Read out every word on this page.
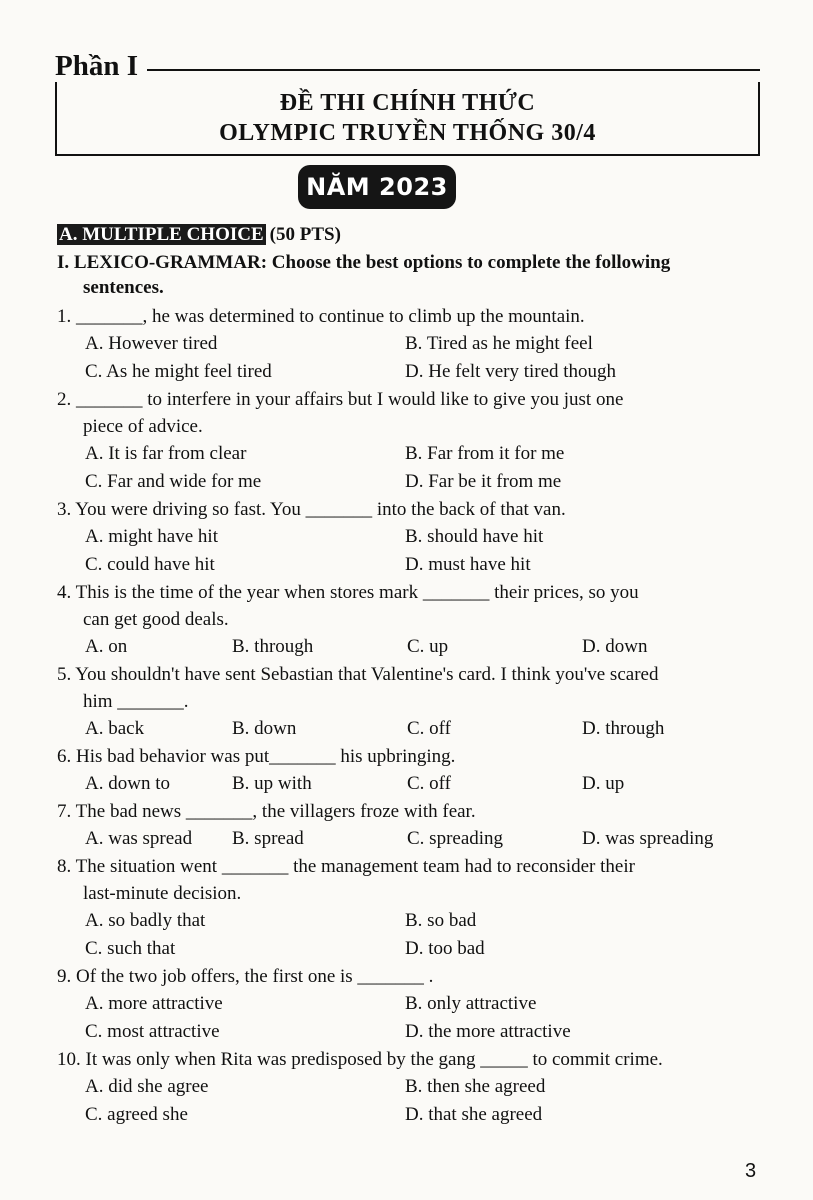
Phần I
ĐỀ THI CHÍNH THỨC
OLYMPIC TRUYỀN THỐNG 30/4
NĂM 2023
A. MULTIPLE CHOICE (50 PTS)
I. LEXICO-GRAMMAR: Choose the best options to complete the following
sentences.
1. _______, he was determined to continue to climb up the mountain.
A. However tired	B. Tired as he might feel
C. As he might feel tired	D. He felt very tired though
2. _______ to interfere in your affairs but I would like to give you just one
piece of advice.
A. It is far from clear	B. Far from it for me
C. Far and wide for me	D. Far be it from me
3. You were driving so fast. You _______ into the back of that van.
A. might have hit	B. should have hit
C. could have hit	D. must have hit
4. This is the time of the year when stores mark _______ their prices, so you
can get good deals.
A. on	B. through	C. up	D. down
5. You shouldn't have sent Sebastian that Valentine's card. I think you've scared
him _______.
A. back	B. down	C. off	D. through
6. His bad behavior was put_______ his upbringing.
A. down to	B. up with	C. off	D. up
7. The bad news _______, the villagers froze with fear.
A. was spread B. spread	C. spreading	D. was spreading
8. The situation went _______ the management team had to reconsider their
last-minute decision.
A. so badly that	B. so bad
C. such that	D. too bad
9. Of the two job offers, the first one is _______ .
A. more attractive	B. only attractive
C. most attractive	D. the more attractive
10. It was only when Rita was predisposed by the gang _____ to commit crime.
A. did she agree	B. then she agreed
C. agreed she	D. that she agreed
3
